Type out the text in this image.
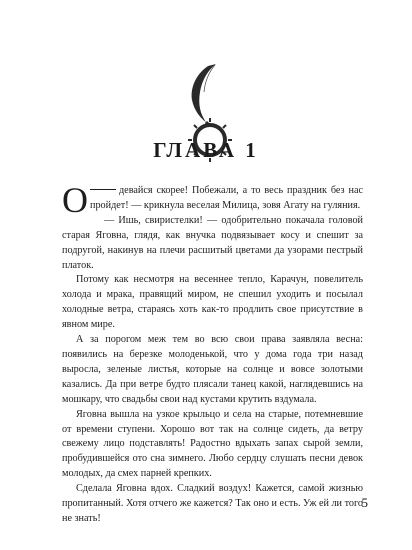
ГЛАВА 1

О	девайся скорее! Побежали, а то весь праздник без нас пройдет! — крикнула веселая Милица, зовя Агату на гуляния.

— Ишь, свиристелки! — одобрительно покачала головой старая Яговна, глядя, как внучка подвязывает косу и спешит за подругой, накинув на плечи расшитый цветами да узорами пестрый платок.

Потому как несмотря на весеннее тепло, Карачун, повелитель холода и мрака, правящий миром, не спешил уходить и посылал холодные ветра, стараясь хоть как-то продлить свое присутствие в явном мире.

А за порогом меж тем во всю свои права заявляла весна: появились на березке молоденькой, что у дома года три назад выросла, зеленые листья, которые на солнце и вовсе золотыми казались. Да при ветре будто плясали танец какой, наглядевшись на мошкару, что свадьбы свои над кустами крутить вздумала.

Яговна вышла на узкое крыльцо и села на старые, потемневшие от времени ступени. Хорошо вот так на солнце сидеть, да ветру свежему лицо подставлять! Радостно вдыхать запах сырой земли, пробудившейся ото сна зимнего. Любо сердцу слушать песни девок молодых, да смех парней крепких.

Сделала Яговна вдох. Сладкий воздух! Кажется, самой жизнью пропитанный. Хотя отчего же кажется? Так оно и есть. Уж ей ли того не знать!

5
